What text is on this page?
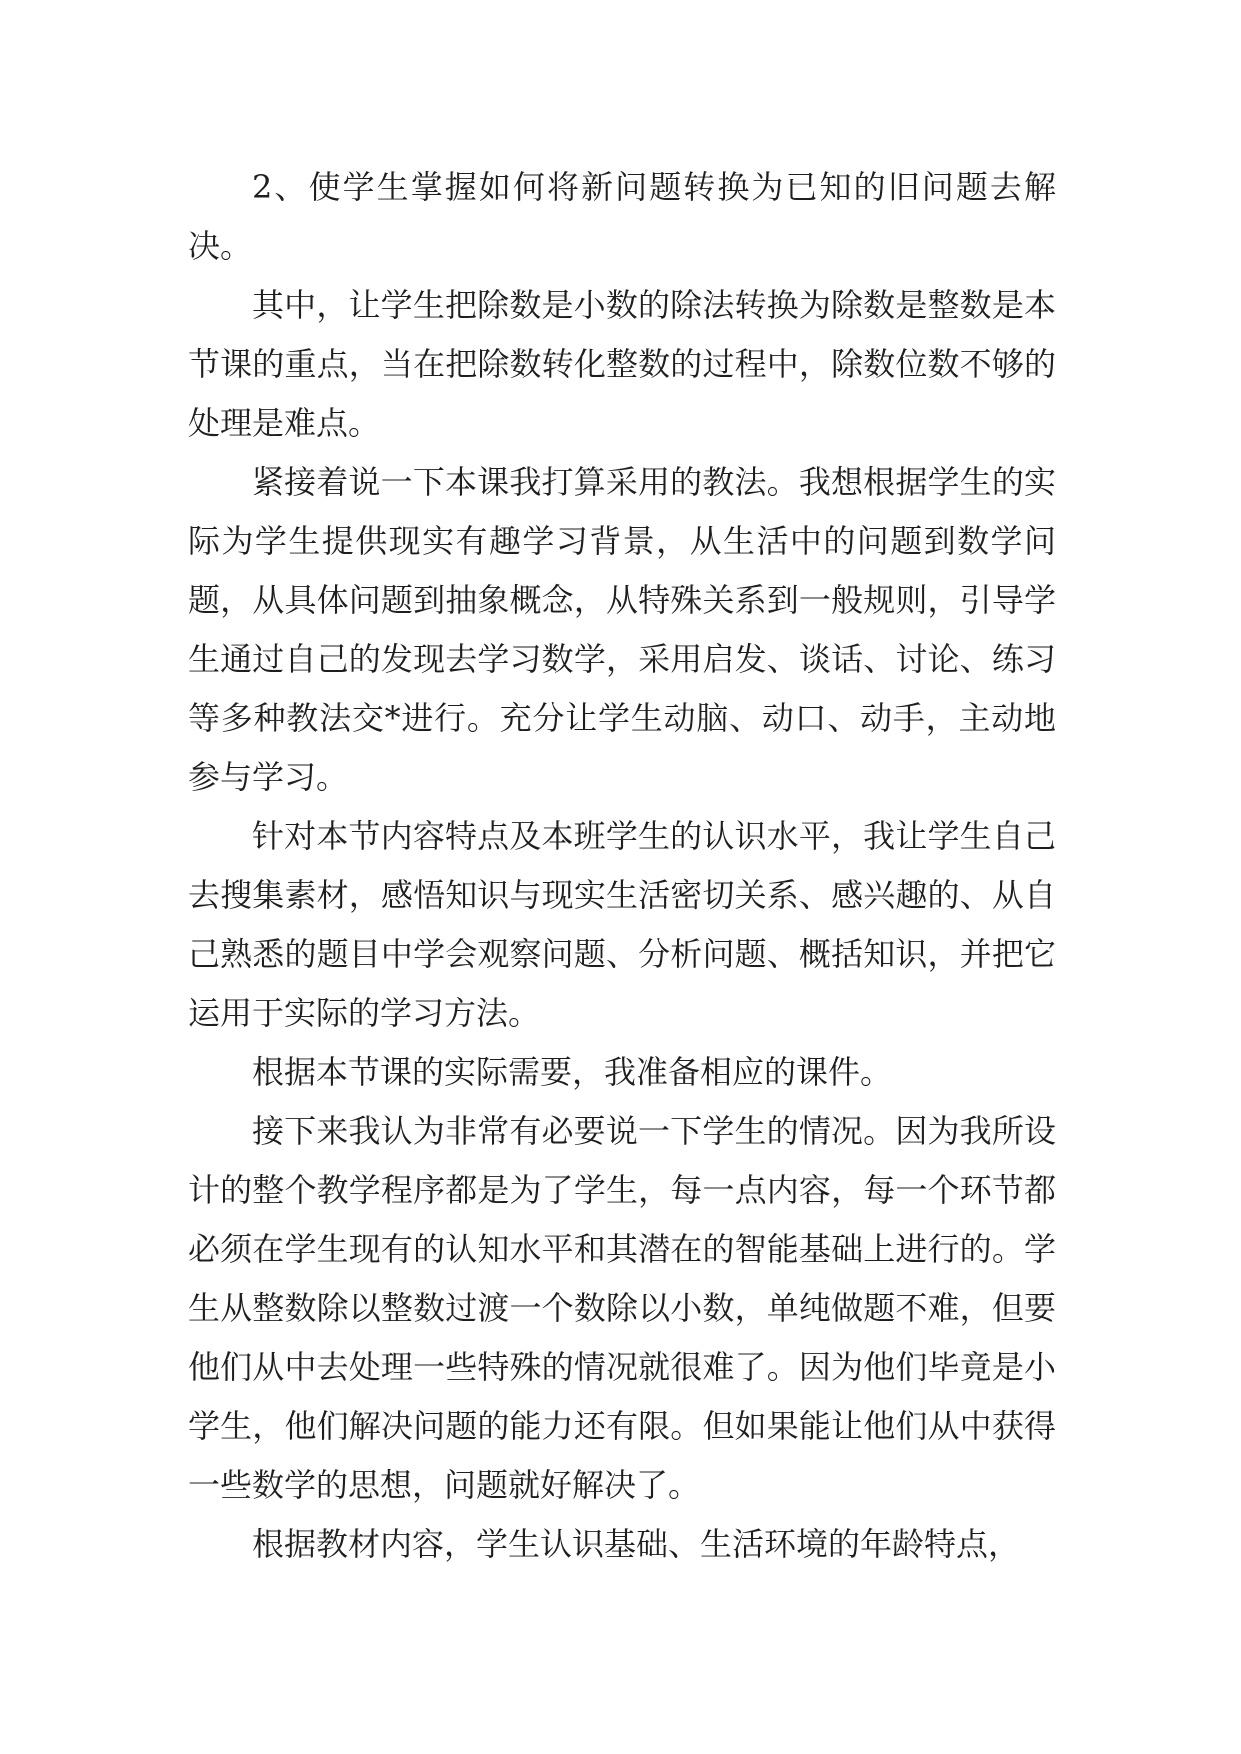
2、使学生掌握如何将新问题转换为已知的旧问题去解决。

其中，让学生把除数是小数的除法转换为除数是整数是本节课的重点，当在把除数转化整数的过程中，除数位数不够的处理是难点。

紧接着说一下本课我打算采用的教法。我想根据学生的实际为学生提供现实有趣学习背景，从生活中的问题到数学问题，从具体问题到抽象概念，从特殊关系到一般规则，引导学生通过自己的发现去学习数学，采用启发、谈话、讨论、练习等多种教法交*进行。充分让学生动脑、动口、动手，主动地参与学习。

针对本节内容特点及本班学生的认识水平，我让学生自己去搜集素材，感悟知识与现实生活密切关系、感兴趣的、从自己熟悉的题目中学会观察问题、分析问题、概括知识，并把它运用于实际的学习方法。

根据本节课的实际需要，我准备相应的课件。

接下来我认为非常有必要说一下学生的情况。因为我所设计的整个教学程序都是为了学生，每一点内容，每一个环节都必须在学生现有的认知水平和其潜在的智能基础上进行的。学生从整数除以整数过渡一个数除以小数，单纯做题不难，但要他们从中去处理一些特殊的情况就很难了。因为他们毕竟是小学生，他们解决问题的能力还有限。但如果能让他们从中获得一些数学的思想，问题就好解决了。

根据教材内容，学生认识基础、生活环境的年龄特点，
